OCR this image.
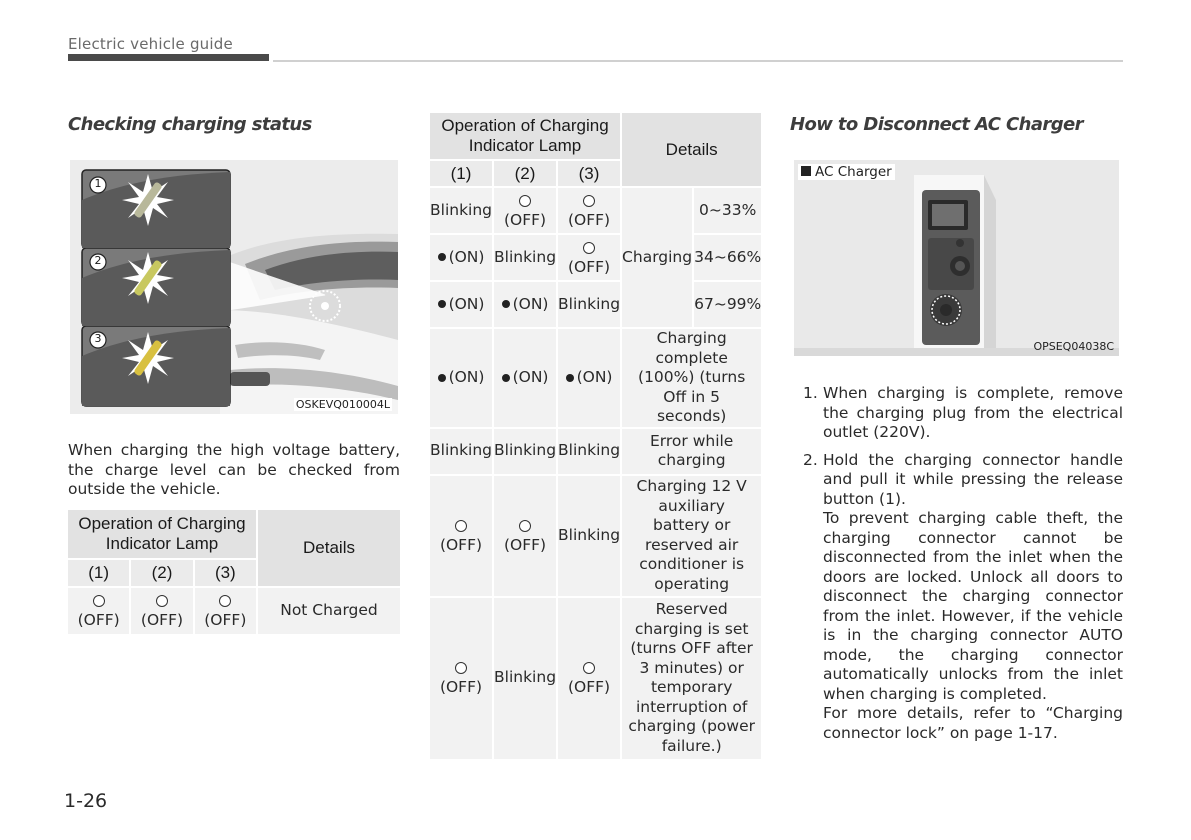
Electric vehicle guide
Checking charging status
1
2
3
OSKEVQ010004L
When charging the high voltage battery, the charge level can be checked from outside the vehicle.
Operation of Charging Indicator Lamp			Details
(1)	(2)	(3)	

(OFF)	(OFF)	(OFF)	Not Charged
Operation of Charging Indicator Lamp			Details	
(1)	(2)	(3)		
Blinking	(OFF)	(OFF)	Charging	0~33%
(ON)	Blinking	(OFF)		34~66%
(ON)	(ON)	Blinking		67~99%
(ON)	(ON)	(ON)	Charging complete (100%) (turns Off in 5 seconds)	
Blinking	Blinking	Blinking	Error while charging	

(OFF)	(OFF)	Blinking	Charging 12 V auxiliary battery or reserved air conditioner is operating	

(OFF)	Blinking	(OFF)	Reserved charging is set (turns OFF after 3 minutes) or temporary interruption of charging (power failure.)	
How to Disconnect AC Charger
AC Charger
OPSEQ04038C
1. When charging is complete, remove the charging plug from the electrical outlet (220V).
2. Hold the charging connector handle and pull it while pressing the release button (1).
To prevent charging cable theft, the charging connector cannot be disconnected from the inlet when the doors are locked. Unlock all doors to disconnect the charging connector from the inlet. However, if the vehicle is in the charging connector AUTO mode, the charging connector automatically unlocks from the inlet when charging is completed.
For more details, refer to “Charging connector lock” on page 1-17.
1-26
